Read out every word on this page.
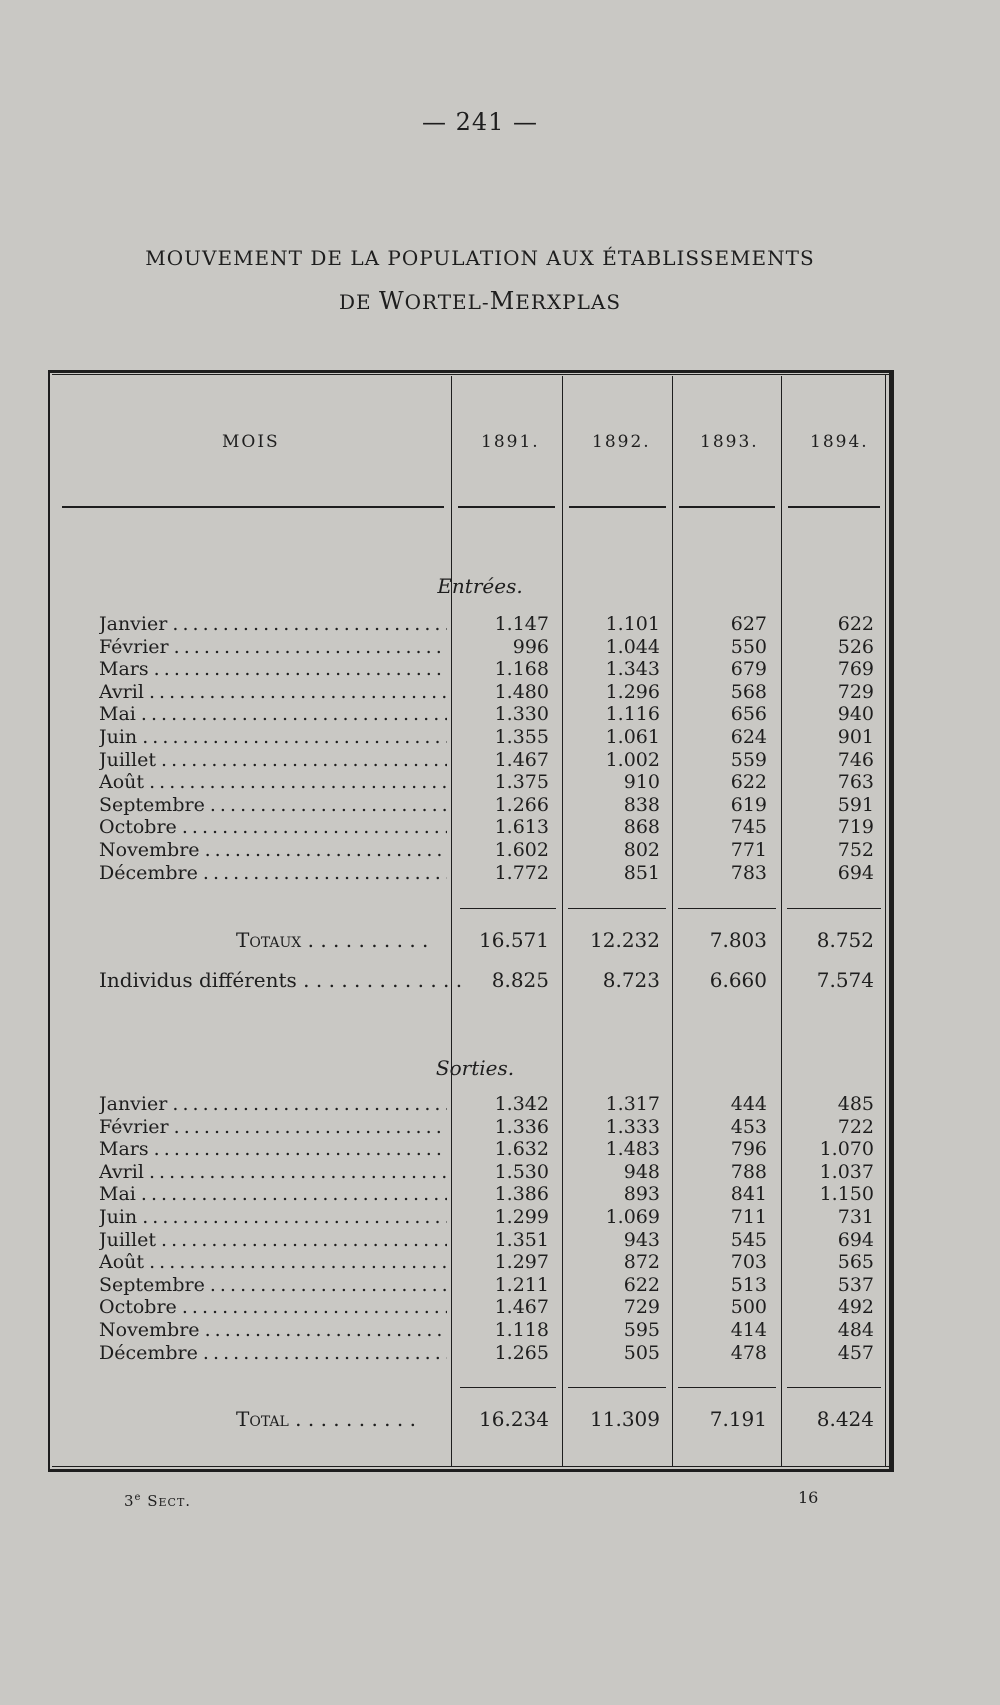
— 241 —
MOUVEMENT DE LA POPULATION AUX ÉTABLISSEMENTS
DE WORTEL-MERXPLAS
MOIS	1891.	1892.	1893.	1894.
Entrées.
Janvier . . .	1.147	1.101	627	622
Février . . .	996	1.044	550	526
Mars . . .	1.168	1.343	679	769
Avril . . .	1.480	1.296	568	729
Mai . . .	1.330	1.116	656	940
Juin . . .	1.355	1.061	624	901
Juillet . . .	1.467	1.002	559	746
Août . . .	1.375	910	622	763
Septembre . . .	1.266	838	619	591
Octobre . . .	1.613	868	745	719
Novembre . . .	1.602	802	771	752
Décembre . . .	1.772	851	783	694
Totaux . . . . . . . . . .	16.571	12.232	7.803	8.752
Individus différents . . . . . . . . . . . . .	8.825	8.723	6.660	7.574
Sorties.
Janvier . . .	1.342	1.317	444	485
Février . . .	1.336	1.333	453	722
Mars . . .	1.632	1.483	796	1.070
Avril . . .	1.530	948	788	1.037
Mai . . .	1.386	893	841	1.150
Juin . . .	1.299	1.069	711	731
Juillet . . .	1.351	943	545	694
Août . . .	1.297	872	703	565
Septembre . . .	1.211	622	513	537
Octobre . . .	1.467	729	500	492
Novembre . . .	1.118	595	414	484
Décembre . . .	1.265	505	478	457
Total . . . . . . . . . .	16.234	11.309	7.191	8.424
3e Sect.	16
